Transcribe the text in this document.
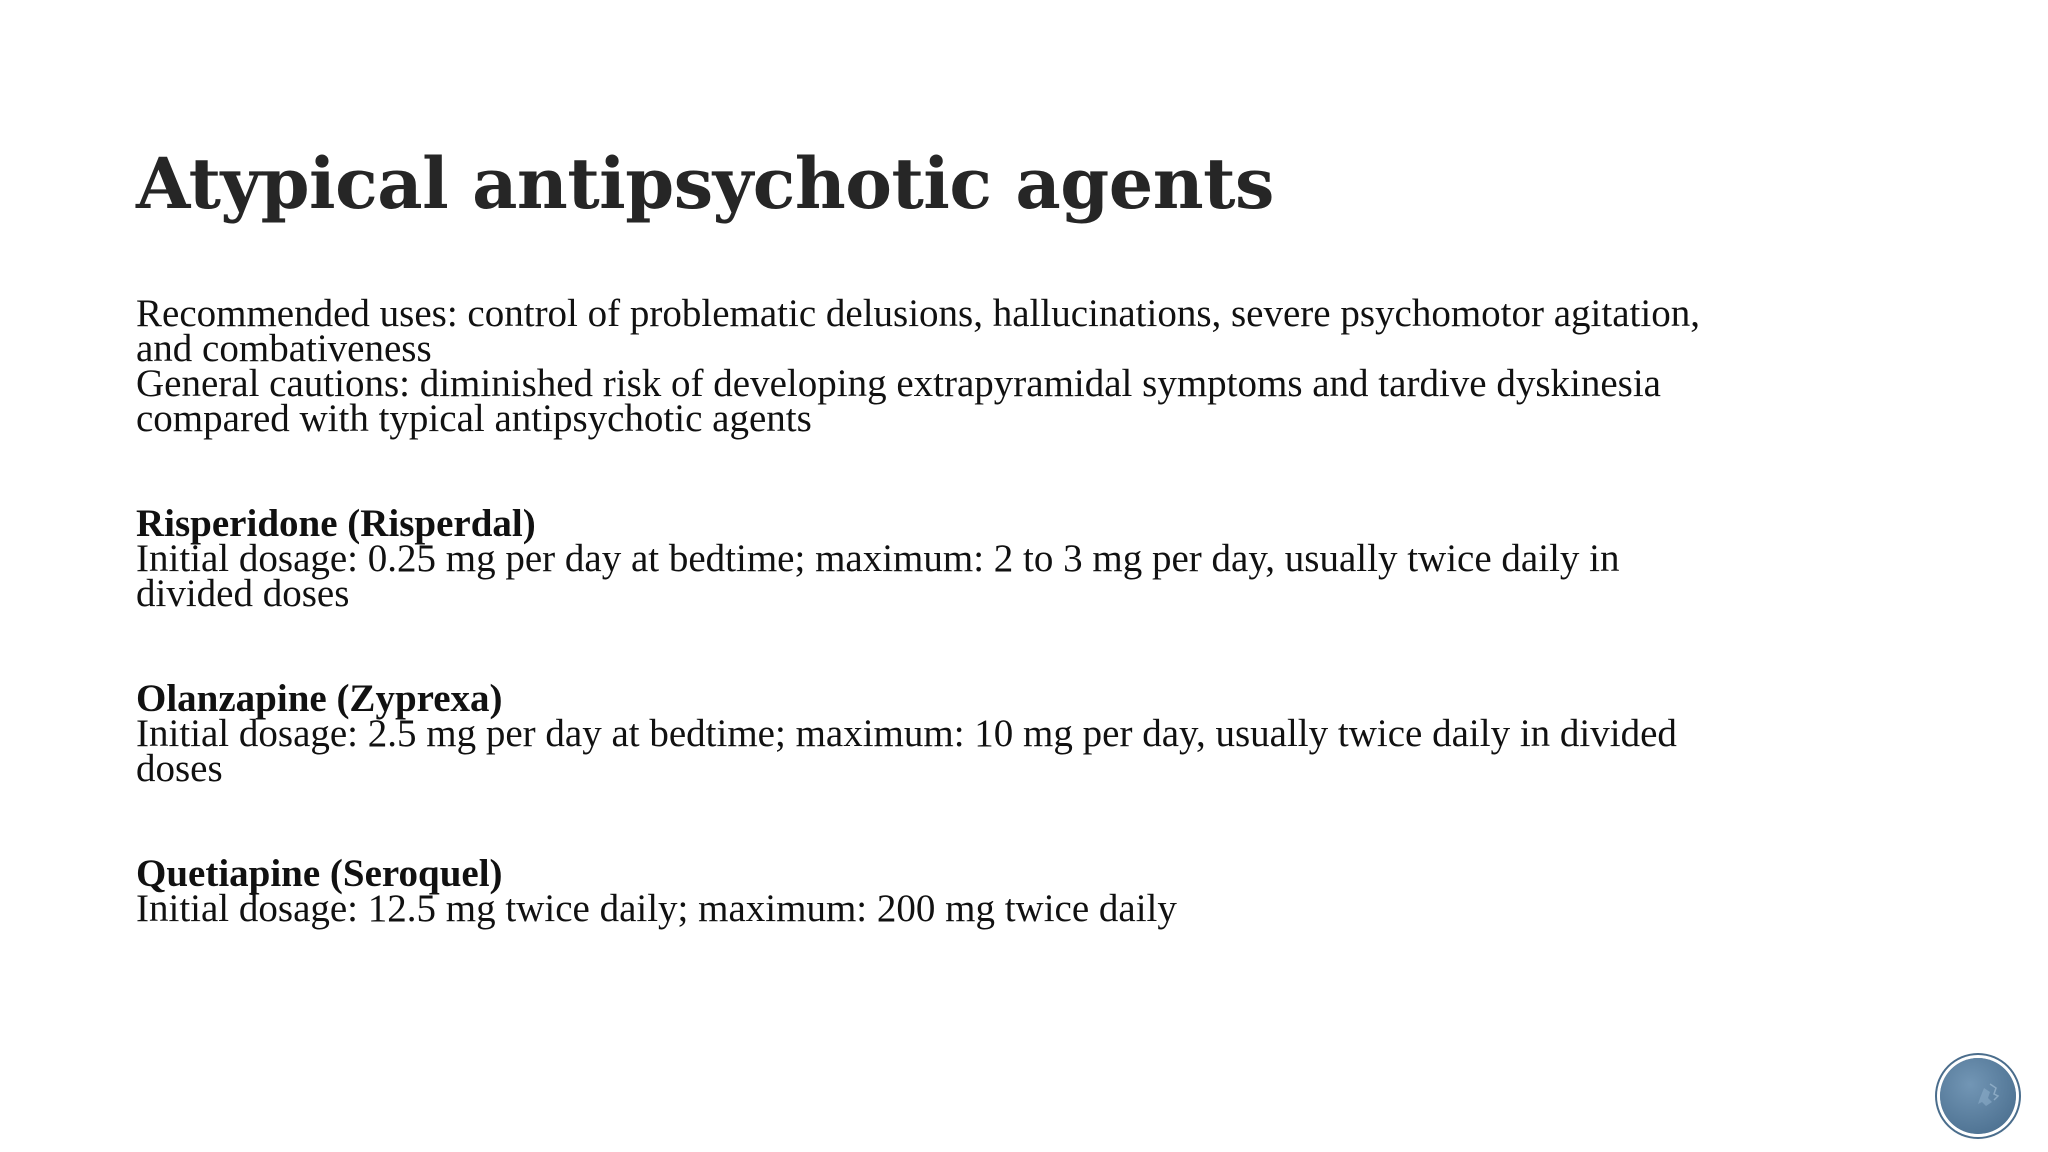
Atypical antipsychotic agents
Recommended uses: control of problematic delusions, hallucinations, severe psychomotor agitation,
and combativeness
General cautions: diminished risk of developing extrapyramidal symptoms and tardive dyskinesia
compared with typical antipsychotic agents
Risperidone (Risperdal)
Initial dosage: 0.25 mg per day at bedtime; maximum: 2 to 3 mg per day, usually twice daily in
divided doses
Olanzapine (Zyprexa)
Initial dosage: 2.5 mg per day at bedtime; maximum: 10 mg per day, usually twice daily in divided
doses
Quetiapine (Seroquel)
Initial dosage: 12.5 mg twice daily; maximum: 200 mg twice daily
